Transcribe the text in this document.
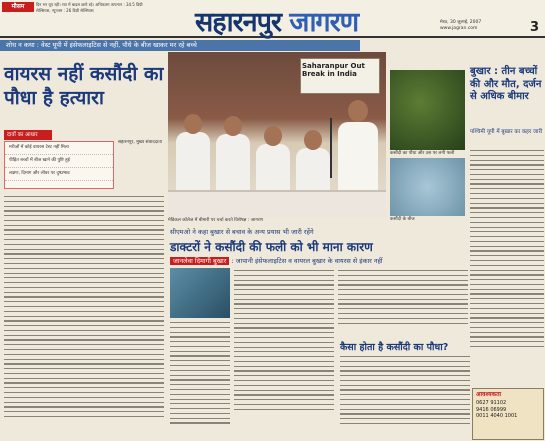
मौसम	दिन भर धूप रही। रात में बादल छाये रहे। अधिकतम तापमान : 34.5 डिग्री सेल्सियस, न्यूनतम : 26 डिग्री सेल्सियस	सहारनपुर जागरण	मेरठ, 30 जुलाई, 2007
www.jagran.com	3
शोध न कथा : वेस्ट यूपी में इंसेफलाइटिस से नहीं, पौधे के बीज खाकर मर रहे बच्चे
वायरस नहीं कसौंदी का पौधा है हत्यारा
दावों का आधार

मरीज़ों में कोई वायरस टेस्ट नहीं मिला

पीड़ित बच्चों में बीज खाने की पुष्टि हुई

लक्षण, दिमाग और लीवर पर दुष्प्रभाव

सहारनपुर, मुख्य संवाददाता
Saharanpur Out Break in India
मेडिकल कॉलेज में बीमारी पर चर्चा करते विशेषज्ञ : जागरण
कसौंदी का पौधा और उस पर लगी फली
कसौंदी के बीज
बुखार : तीन बच्चों की और मौत, दर्जन से अधिक बीमार
पश्चिमी यूपी में बुखार का कहर जारी
सीएमओ ने कहा बुखार से बचाव के अन्य प्रयास भी जारी रहेंगे
डाक्टरों ने कसौंदी की फली को भी माना कारण
जानलेवा दिमागी बुखार : जापानी इंसेफलाइटिस व वायरल बुखार के वायरस से इंकार नहीं
कैसा होता है कसौंदी का पौधा?
आवश्यकता
0627 91102
9416 06999
0011 4040 1001
